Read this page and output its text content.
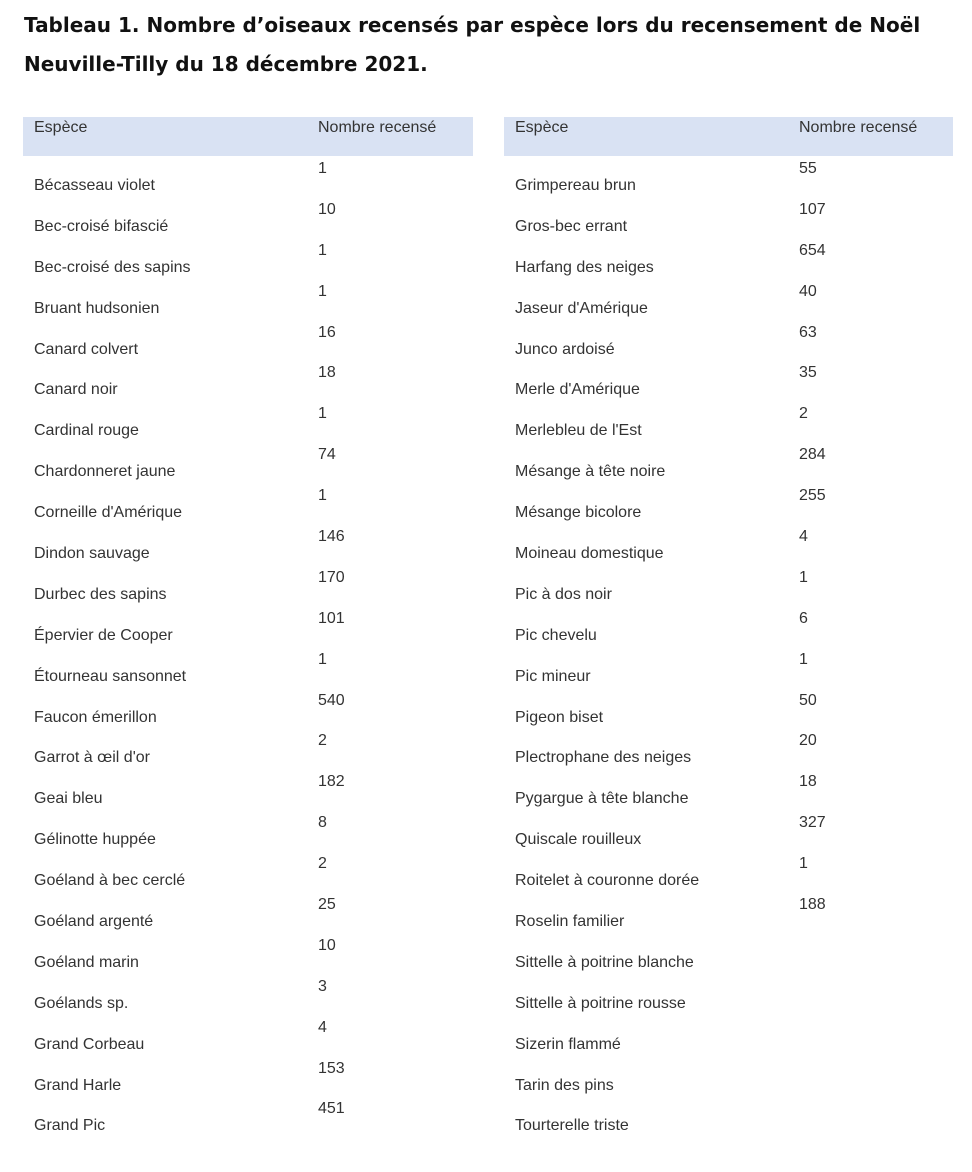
Tableau 1. Nombre d’oiseaux recensés par espèce lors du recensement de Noël Neuville-Tilly du 18 décembre 2021.
Espèce	Nombre recensé
1
Bécasseau violet
10
Bec-croisé bifascié
1
Bec-croisé des sapins
1
Bruant hudsonien
16
Canard colvert
18
Canard noir
1
Cardinal rouge
74
Chardonneret jaune
1
Corneille d'Amérique
146
Dindon sauvage
170
Durbec des sapins
101
Épervier de Cooper
1
Étourneau sansonnet
540
Faucon émerillon
2
Garrot à œil d'or
182
Geai bleu
8
Gélinotte huppée
2
Goéland à bec cerclé
25
Goéland argenté
10
Goéland marin
3
Goélands sp.
4
Grand Corbeau
153
Grand Harle
451
Grand Pic
Espèce	Nombre recensé
55
Grimpereau brun
107
Gros-bec errant
654
Harfang des neiges
40
Jaseur d'Amérique
63
Junco ardoisé
35
Merle d'Amérique
2
Merlebleu de l'Est
284
Mésange à tête noire
255
Mésange bicolore
4
Moineau domestique
1
Pic à dos noir
6
Pic chevelu
1
Pic mineur
50
Pigeon biset
20
Plectrophane des neiges
18
Pygargue à tête blanche
327
Quiscale rouilleux
1
Roitelet à couronne dorée
188
Roselin familier
Sittelle à poitrine blanche
Sittelle à poitrine rousse
Sizerin flammé
Tarin des pins
Tourterelle triste
